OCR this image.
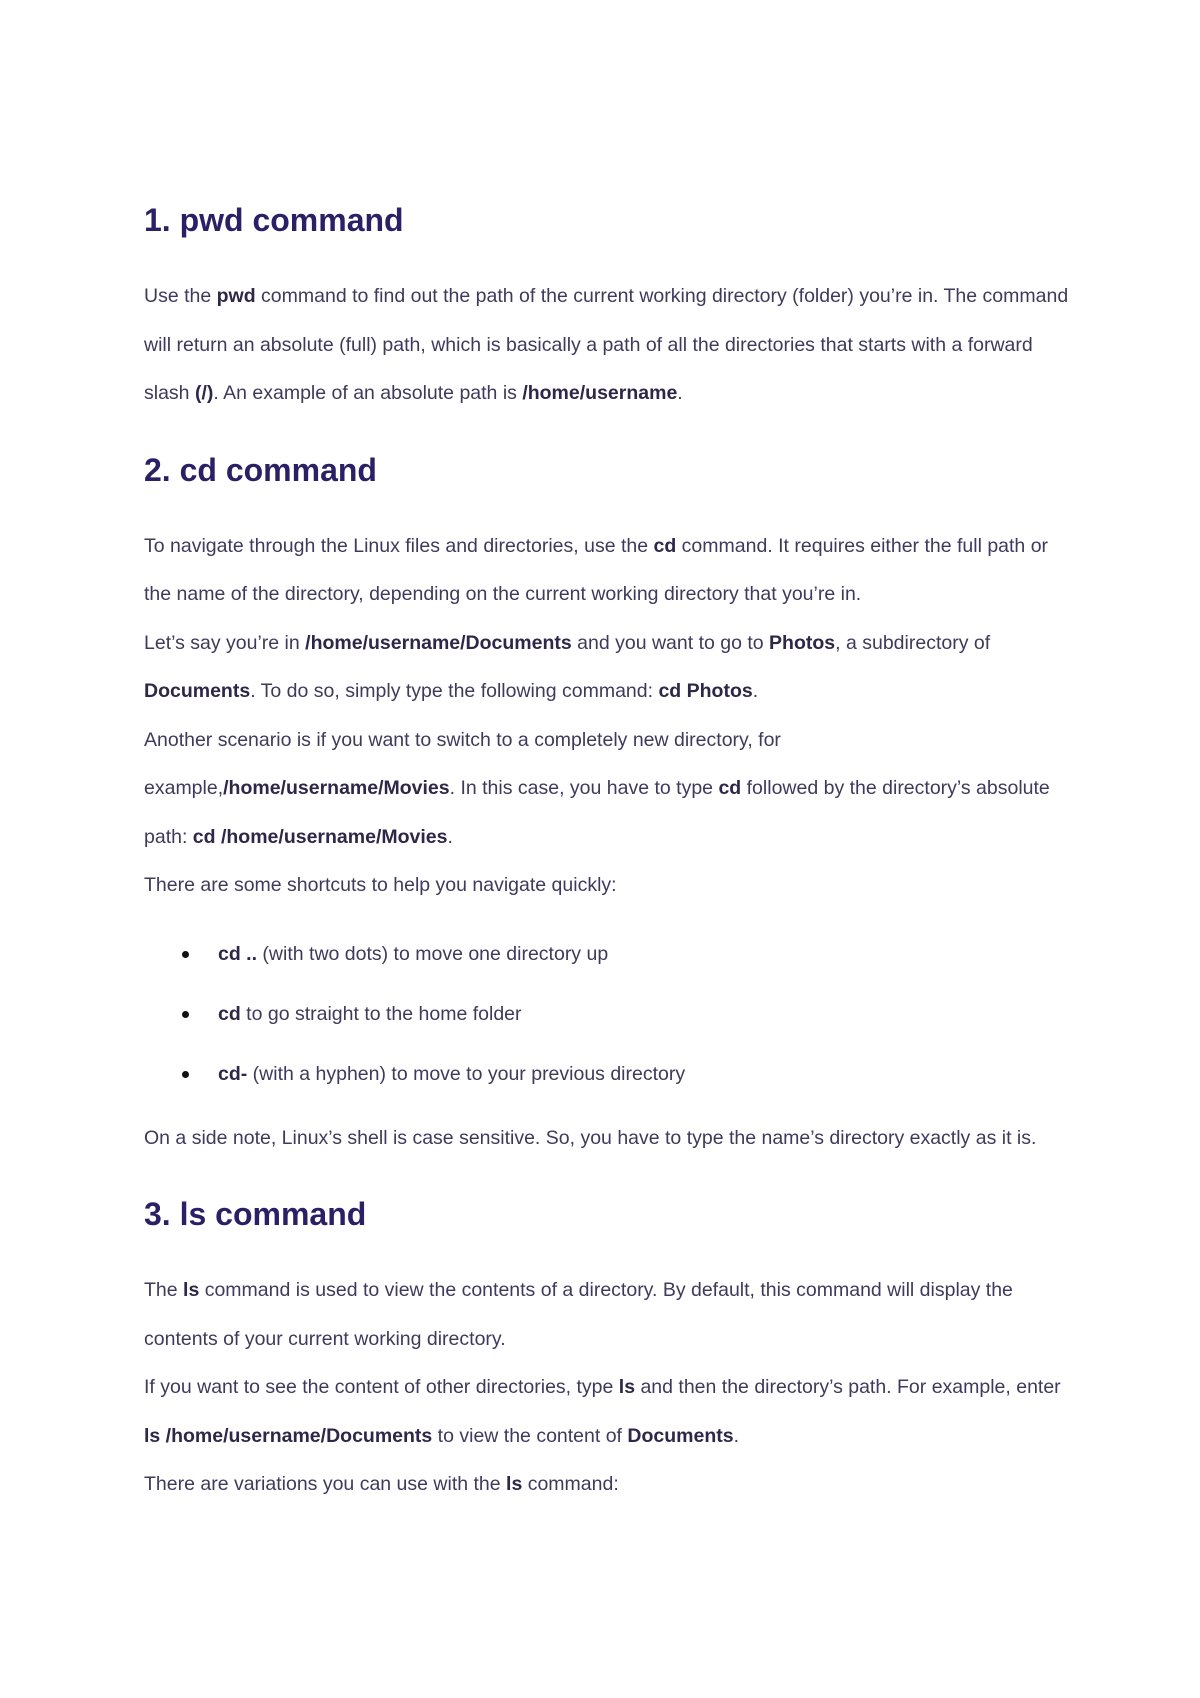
1. pwd command

Use the pwd command to find out the path of the current working directory (folder) you’re in. The command will return an absolute (full) path, which is basically a path of all the directories that starts with a forward slash (/). An example of an absolute path is /home/username.

2. cd command

To navigate through the Linux files and directories, use the cd command. It requires either the full path or the name of the directory, depending on the current working directory that you’re in.

Let’s say you’re in /home/username/Documents and you want to go to Photos, a subdirectory of Documents. To do so, simply type the following command: cd Photos.

Another scenario is if you want to switch to a completely new directory, for example,/home/username/Movies. In this case, you have to type cd followed by the directory’s absolute path: cd /home/username/Movies.

There are some shortcuts to help you navigate quickly:

cd .. (with two dots) to move one directory up
cd to go straight to the home folder
cd- (with a hyphen) to move to your previous directory

On a side note, Linux’s shell is case sensitive. So, you have to type the name’s directory exactly as it is.

3. ls command

The ls command is used to view the contents of a directory. By default, this command will display the contents of your current working directory.

If you want to see the content of other directories, type ls and then the directory’s path. For example, enter ls /home/username/Documents to view the content of Documents.

There are variations you can use with the ls command:
